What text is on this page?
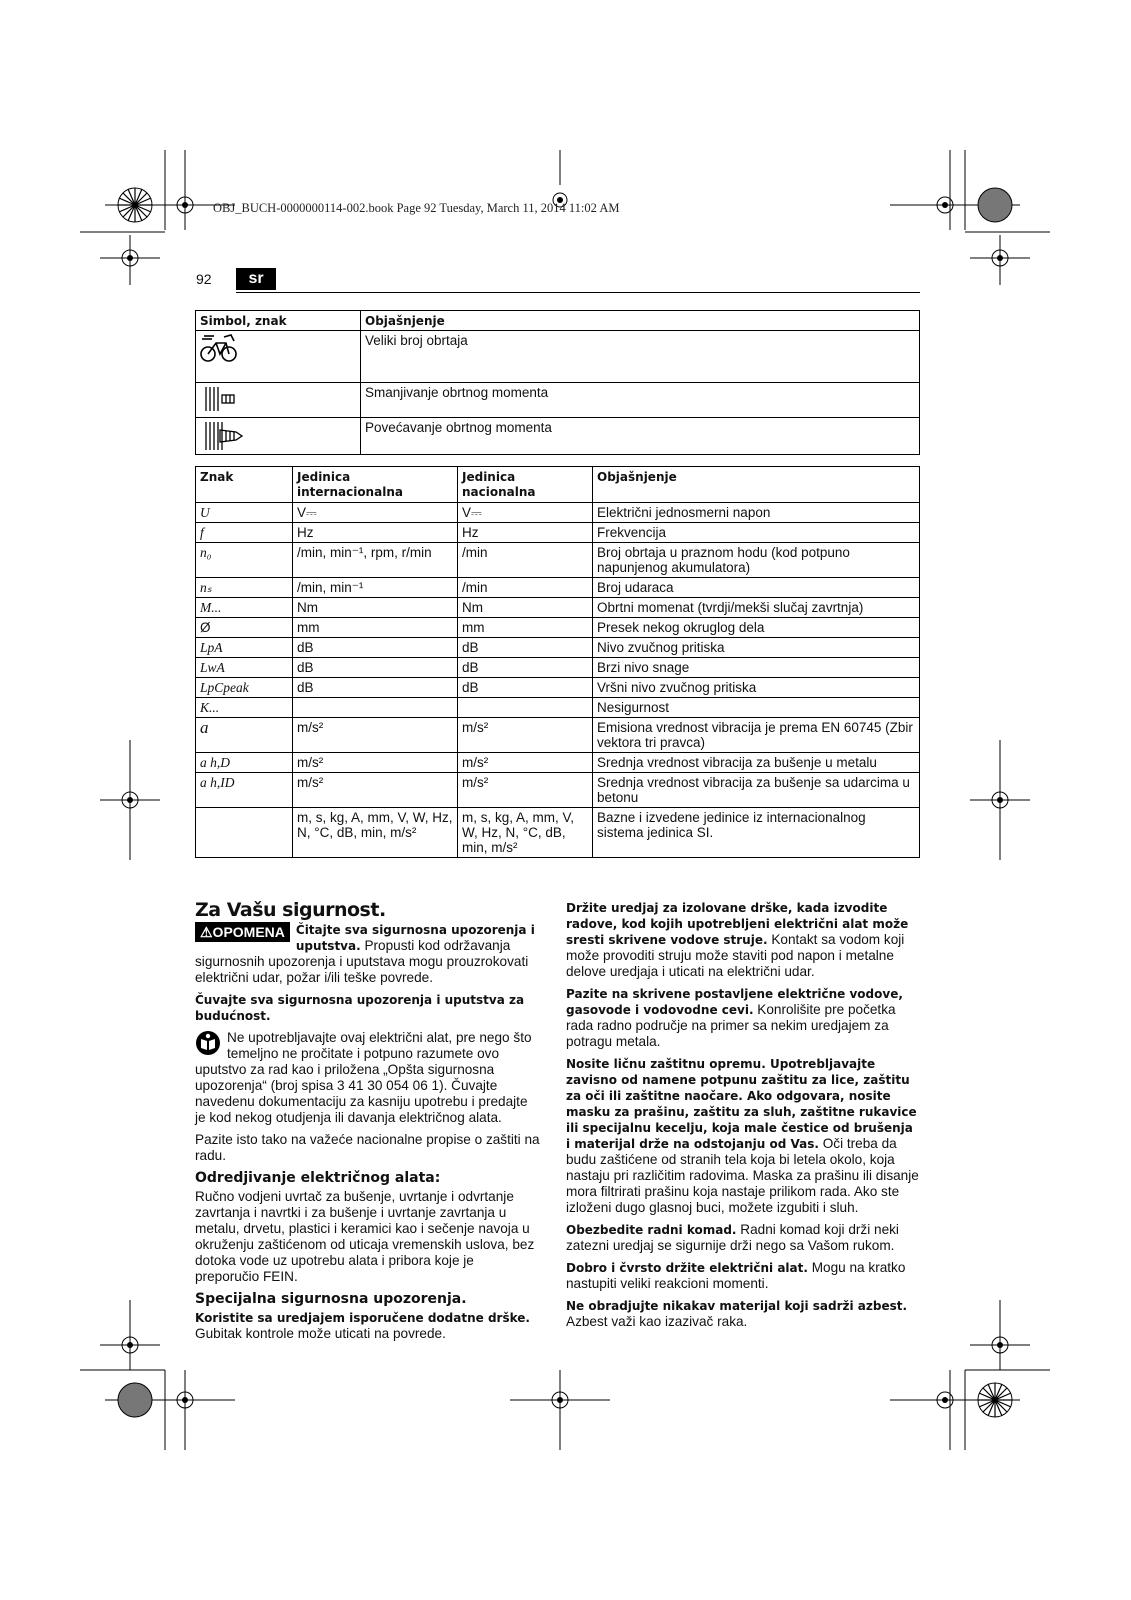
OBJ_BUCH-0000000114-002.book Page 92 Tuesday, March 11, 2014 11:02 AM
92	sr
Simbol, znak	Objašnjenje

	Veliki broj obrtaja

	Smanjivanje obrtnog momenta

	Povećavanje obrtnog momenta
Znak	Jedinica internacionalna	Jedinica nacionalna	Objašnjenje
U	V⎓	V⎓	Električni jednosmerni napon
f	Hz	Hz	Frekvencija
n₀	/min, min⁻¹, rpm, r/min	/min	Broj obrtaja u praznom hodu (kod potpuno napunjenog akumulatora)
nₛ	/min, min⁻¹	/min	Broj udaraca
M...	Nm	Nm	Obrtni momenat (tvrdji/mekši slučaj zavrtnja)
Ø	mm	mm	Presek nekog okruglog dela
LpA	dB	dB	Nivo zvučnog pritiska
LwA	dB	dB	Brzi nivo snage
LpCpeak	dB	dB	Vršni nivo zvučnog pritiska
K...			Nesigurnost
a	m/s²	m/s²	Emisiona vrednost vibracija je prema EN 60745 (Zbir vektora tri pravca)
a h,D	m/s²	m/s²	Srednja vrednost vibracija za bušenje u metalu
a h,ID	m/s²	m/s²	Srednja vrednost vibracija za bušenje sa udarcima u betonu
	m, s, kg, A, mm, V, W, Hz, N, °C, dB, min, m/s²	m, s, kg, A, mm, V, W, Hz, N, °C, dB, min, m/s²	Bazne i izvedene jedinice iz internacionalnog sistema jedinica SI.
Za Vašu sigurnost.

⚠OPOMENA Čitajte sva sigurnosna upozorenja i uputstva. Propusti kod održavanja sigurnosnih upozorenja i uputstava mogu prouzrokovati električni udar, požar i/ili teške povrede.

Čuvajte sva sigurnosna upozorenja i uputstva za budućnost.

Ne upotrebljavajte ovaj električni alat, pre nego što temeljno ne pročitate i potpuno razumete ovo uputstvo za rad kao i priložena „Opšta sigurnosna upozorenja“ (broj spisa 3 41 30 054 06 1). Čuvajte navedenu dokumentaciju za kasniju upotrebu i predajte je kod nekog otudjenja ili davanja električnog alata.

Pazite isto tako na važeće nacionalne propise o zaštiti na radu.

Odredjivanje električnog alata:

Ručno vodjeni uvrtač za bušenje, uvrtanje i odvrtanje zavrtanja i navrtki i za bušenje i uvrtanje zavrtanja u metalu, drvetu, plastici i keramici kao i sečenje navoja u okruženju zaštićenom od uticaja vremenskih uslova, bez dotoka vode uz upotrebu alata i pribora koje je preporučio FEIN.

Specijalna sigurnosna upozorenja.

Koristite sa uredjajem isporučene dodatne drške. Gubitak kontrole može uticati na povrede.

Držite uredjaj za izolovane drške, kada izvodite radove, kod kojih upotrebljeni električni alat može sresti skrivene vodove struje. Kontakt sa vodom koji može provoditi struju može staviti pod napon i metalne delove uredjaja i uticati na električni udar.

Pazite na skrivene postavljene električne vodove, gasovode i vodovodne cevi. Konrolišite pre početka rada radno područje na primer sa nekim uredjajem za potragu metala.

Nosite ličnu zaštitnu opremu. Upotrebljavajte zavisno od namene potpunu zaštitu za lice, zaštitu za oči ili zaštitne naočare. Ako odgovara, nosite masku za prašinu, zaštitu za sluh, zaštitne rukavice ili specijalnu kecelju, koja male čestice od brušenja i materijal drže na odstojanju od Vas. Oči treba da budu zaštićene od stranih tela koja bi letela okolo, koja nastaju pri različitim radovima. Maska za prašinu ili disanje mora filtrirati prašinu koja nastaje prilikom rada. Ako ste izloženi dugo glasnoj buci, možete izgubiti i sluh.

Obezbedite radni komad. Radni komad koji drži neki zatezni uredjaj se sigurnije drži nego sa Vašom rukom.

Dobro i čvrsto držite električni alat. Mogu na kratko nastupiti veliki reakcioni momenti.

Ne obradjujte nikakav materijal koji sadrži azbest. Azbest važi kao izazivač raka.
